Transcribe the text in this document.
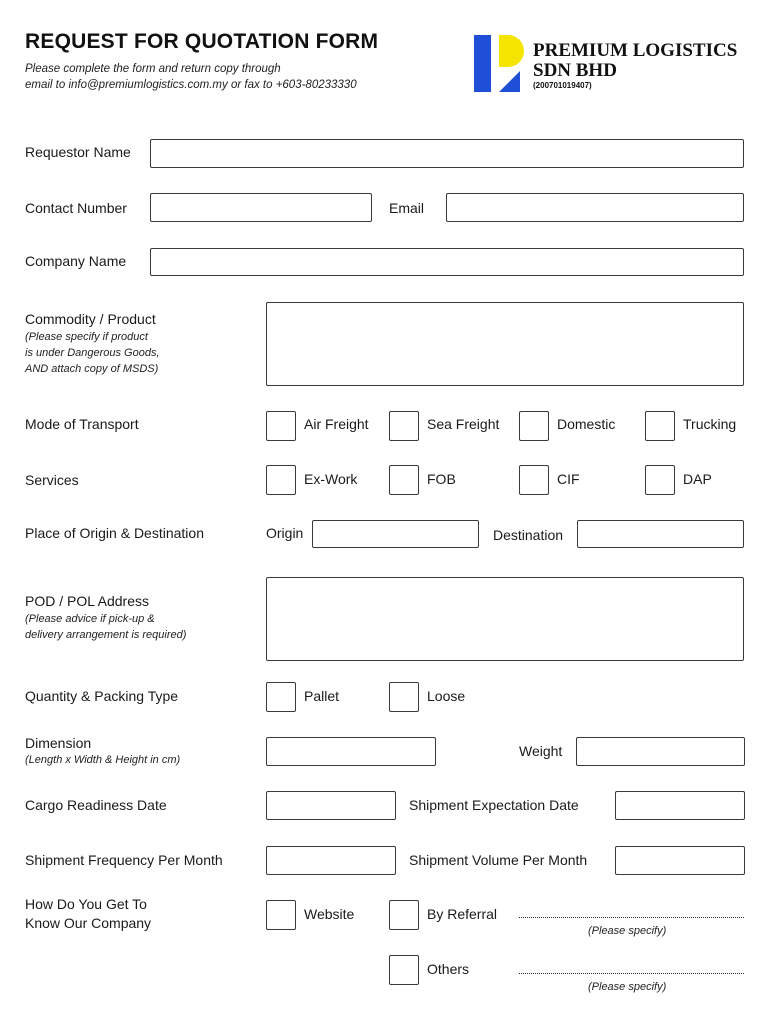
REQUEST FOR QUOTATION FORM
Please complete the form and return copy through
email to info@premiumlogistics.com.my or fax to +603-80233330
PREMIUM LOGISTICS
SDN BHD
(200701019407)
Requestor Name
Contact Number	Email
Company Name
Commodity / Product
(Please specify if product
is under Dangerous Goods,
AND attach copy of MSDS)
Mode of Transport	Air Freight	Sea Freight	Domestic	Trucking
Services	Ex-Work	FOB	CIF	DAP
Place of Origin & Destination	Origin	Destination
POD / POL Address
(Please advice if pick-up &
delivery arrangement is required)
Quantity & Packing Type	Pallet	Loose
Dimension
(Length x Width & Height in cm)
Weight
Cargo Readiness Date	Shipment Expectation Date
Shipment Frequency Per Month	Shipment Volume Per Month
How Do You Get To
Know Our Company
Website	By Referral
(Please specify)
Others
(Please specify)
